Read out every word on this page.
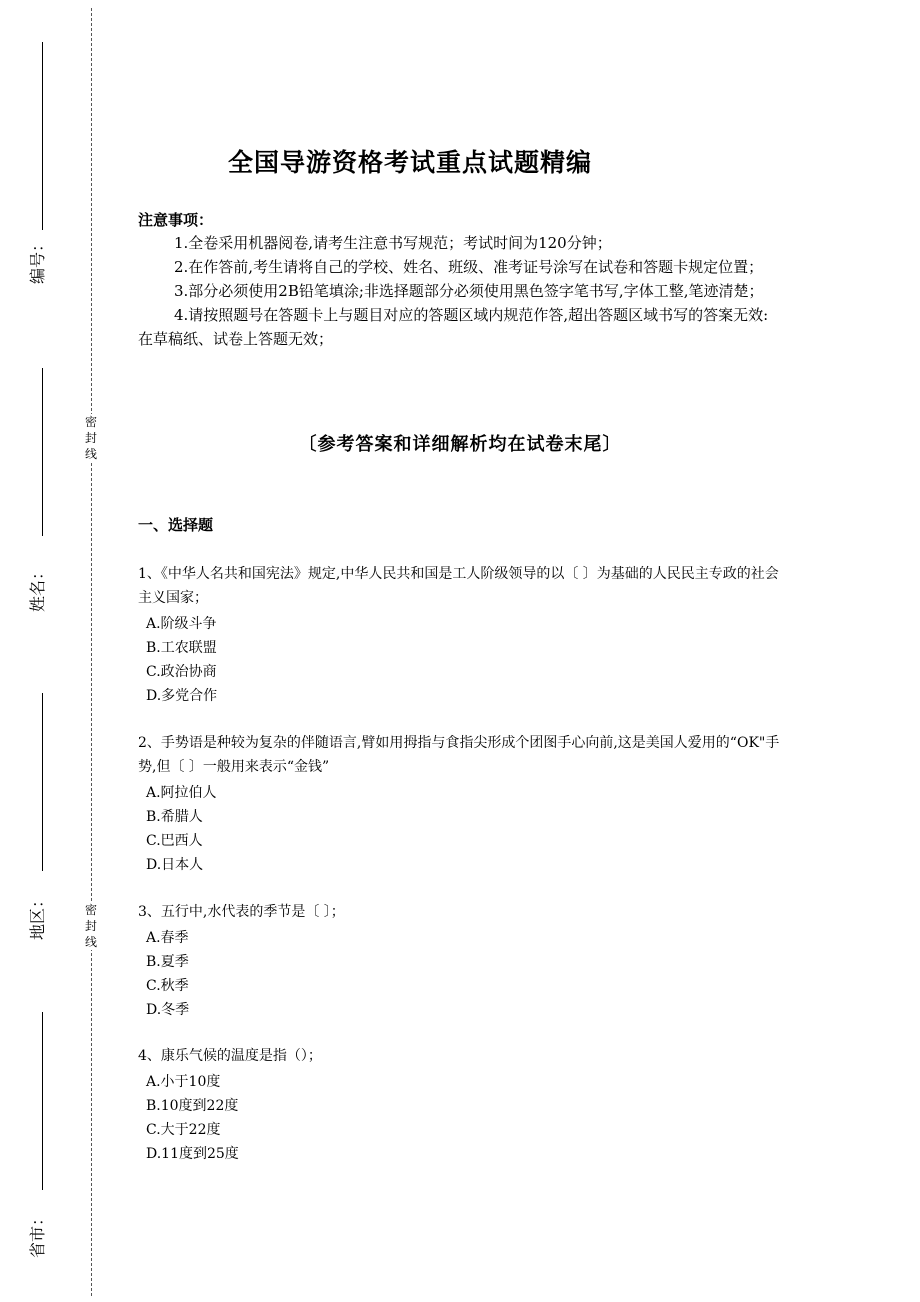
密
封
线
密
封
线
编号：
姓名：
地区：
省市：
全国导游资格考试重点试题精编
注意事项：

1.全卷采用机器阅卷,请考生注意书写规范；考试时间为120分钟；

2.在作答前,考生请将自己的学校、姓名、班级、准考证号涂写在试卷和答题卡规定位置；

3.部分必须使用2B铅笔填涂;非选择题部分必须使用黑色签字笔书写,字体工整,笔迹清楚；

4.请按照题号在答题卡上与题目对应的答题区域内规范作答,超出答题区域书写的答案无效:在草稿纸、试卷上答题无效；

〔参考答案和详细解析均在试卷末尾〕
一、选择题

1、《中华人名共和国宪法》规定,中华人民共和国是工人阶级领导的以〔 〕为基础的人民民主专政的社会主义国家；

A.阶级斗争
B.工农联盟
C.政治协商
D.多党合作

2、手势语是种较为复杂的伴随语言,臂如用拇指与食指尖形成个团图手心向前,这是美国人爱用的“OK"手势,但〔 〕一般用来表示“金钱”

A.阿拉伯人
B.希腊人
C.巴西人
D.日本人

3、五行中,水代表的季节是〔 〕；

A.春季
B.夏季
C.秋季
D.冬季

4、康乐气候的温度是指（）；

A.小于10度
B.10度到22度
C.大于22度
D.11度到25度
